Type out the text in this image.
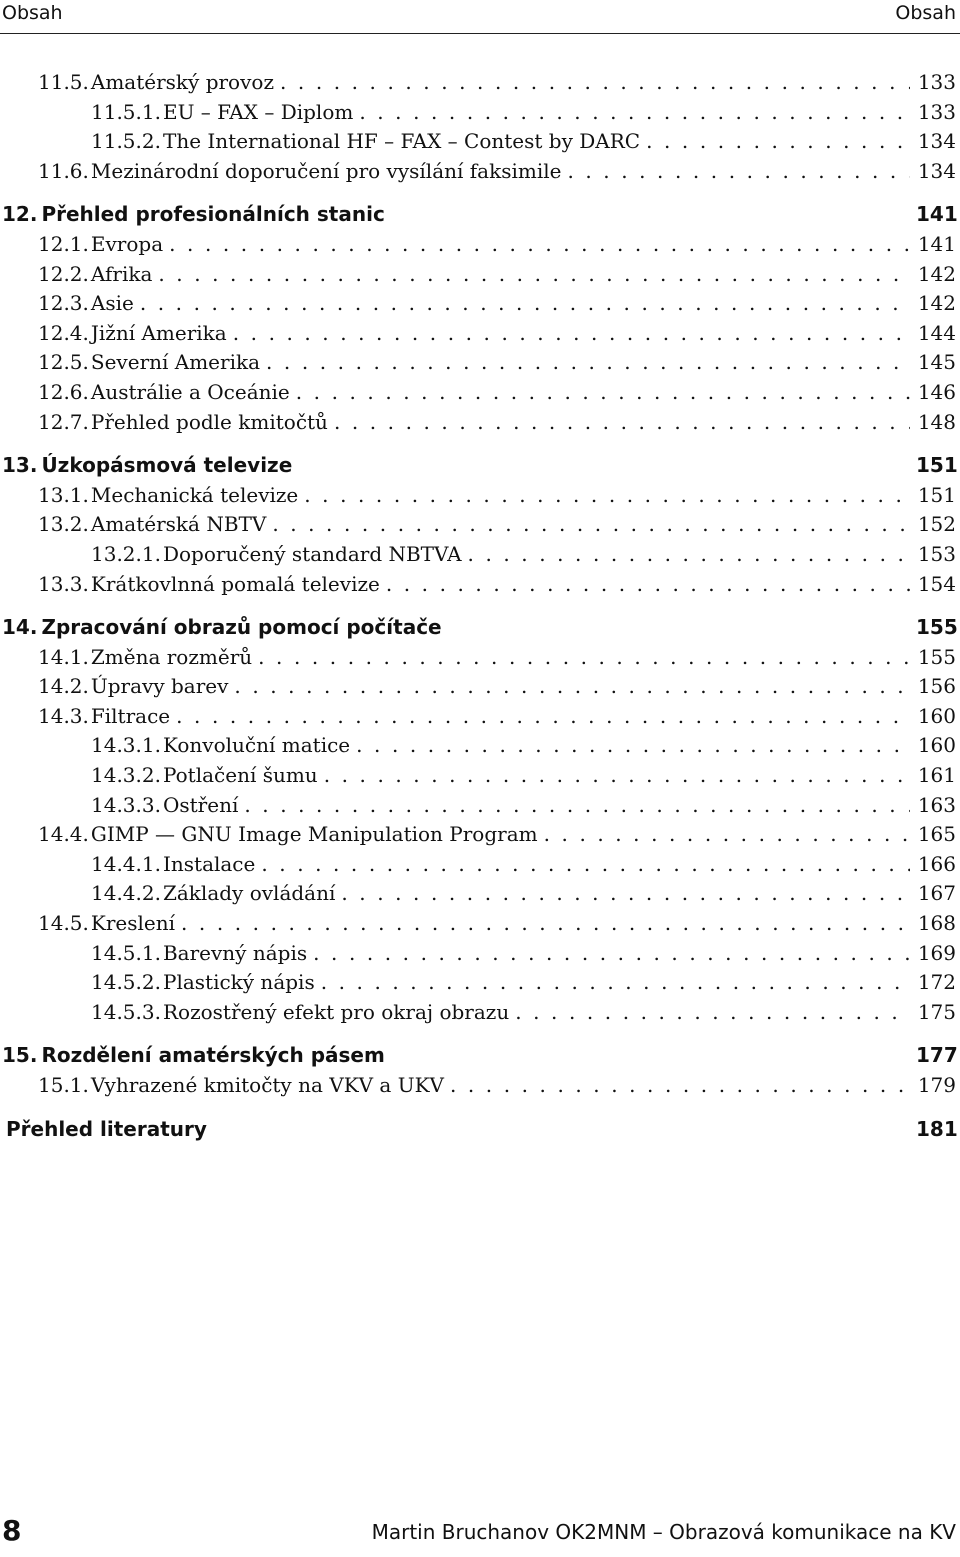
Obsah	Obsah
11.5. Amatérský provoz . . .	133
11.5.1. EU – FAX – Diplom . . .	133
11.5.2. The International HF – FAX – Contest by DARC . . .	134
11.6. Mezinárodní doporučení pro vysílání faksimile . . .	134
12. Přehled profesionálních stanic	141
12.1. Evropa . . .	141
12.2. Afrika . . .	142
12.3. Asie . . .	142
12.4. Jižní Amerika . . .	144
12.5. Severní Amerika . . .	145
12.6. Austrálie a Oceánie . . .	146
12.7. Přehled podle kmitočtů . . .	148
13. Úzkopásmová televize	151
13.1. Mechanická televize . . .	151
13.2. Amatérská NBTV . . .	152
13.2.1. Doporučený standard NBTVA . . .	153
13.3. Krátkovlnná pomalá televize . . .	154
14. Zpracování obrazů pomocí počítače	155
14.1. Změna rozměrů . . .	155
14.2. Úpravy barev . . .	156
14.3. Filtrace . . .	160
14.3.1. Konvoluční matice . . .	160
14.3.2. Potlačení šumu . . .	161
14.3.3. Ostření . . .	163
14.4. GIMP — GNU Image Manipulation Program . . .	165
14.4.1. Instalace . . .	166
14.4.2. Základy ovládání . . .	167
14.5. Kreslení . . .	168
14.5.1. Barevný nápis . . .	169
14.5.2. Plastický nápis . . .	172
14.5.3. Rozostřený efekt pro okraj obrazu . . .	175
15. Rozdělení amatérských pásem	177
15.1. Vyhrazené kmitočty na VKV a UKV . . .	179
Přehled literatury	181
8	Martin Bruchanov OK2MNM – Obrazová komunikace na KV
